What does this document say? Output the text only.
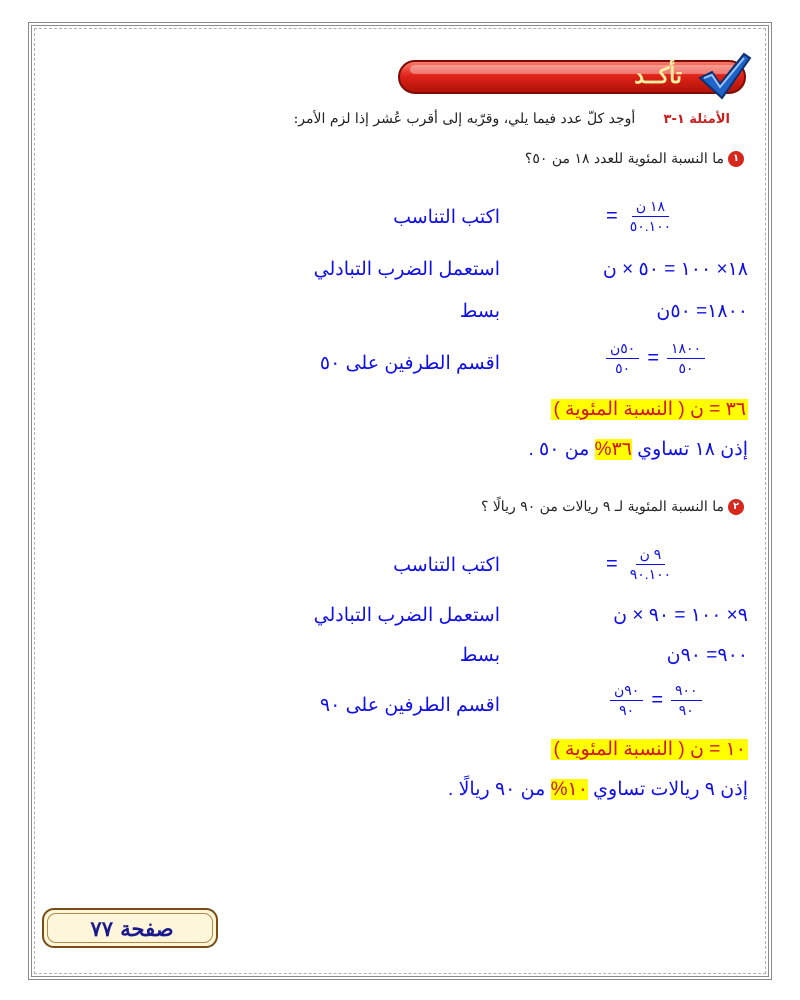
تأكــد
الأمثلة ١-٣  أوجد كلّ عدد فيما يلي، وقرّبه إلى أقرب عُشر إذا لزم الأمر:
١ما النسبة المئوية للعدد ١٨ من ٥٠؟
= $\frac{\text{١٨ ن}}{٥٠.١٠٠}$
اكتب التناسب
١٨× ١٠٠ = ٥٠ × ن
استعمل الضرب التبادلي
١٨٠٠= ٥٠ن
بسط
$\frac{\text{٥٠ن}}{٥٠} = \frac{١٨٠٠}{٥٠}$
اقسم الطرفين على ٥٠
٣٦ = ن ( النسبة المئوية )
إذن ١٨ تساوي ٣٦% من ٥٠ .
٢ما النسبة المئوية لـ ٩ ريالات من ٩٠ ريالًا ؟
= $\frac{\text{٩ ن}}{٩٠.١٠٠}$
اكتب التناسب
٩× ١٠٠ = ٩٠ × ن
استعمل الضرب التبادلي
٩٠٠= ٩٠ن
بسط
$\frac{\text{٩٠ن}}{٩٠} = \frac{٩٠٠}{٩٠}$
اقسم الطرفين على ٩٠
١٠ = ن ( النسبة المئوية )
إذن ٩ ريالات تساوي ١٠% من ٩٠ ريالًا .
صفحة ٧٧
